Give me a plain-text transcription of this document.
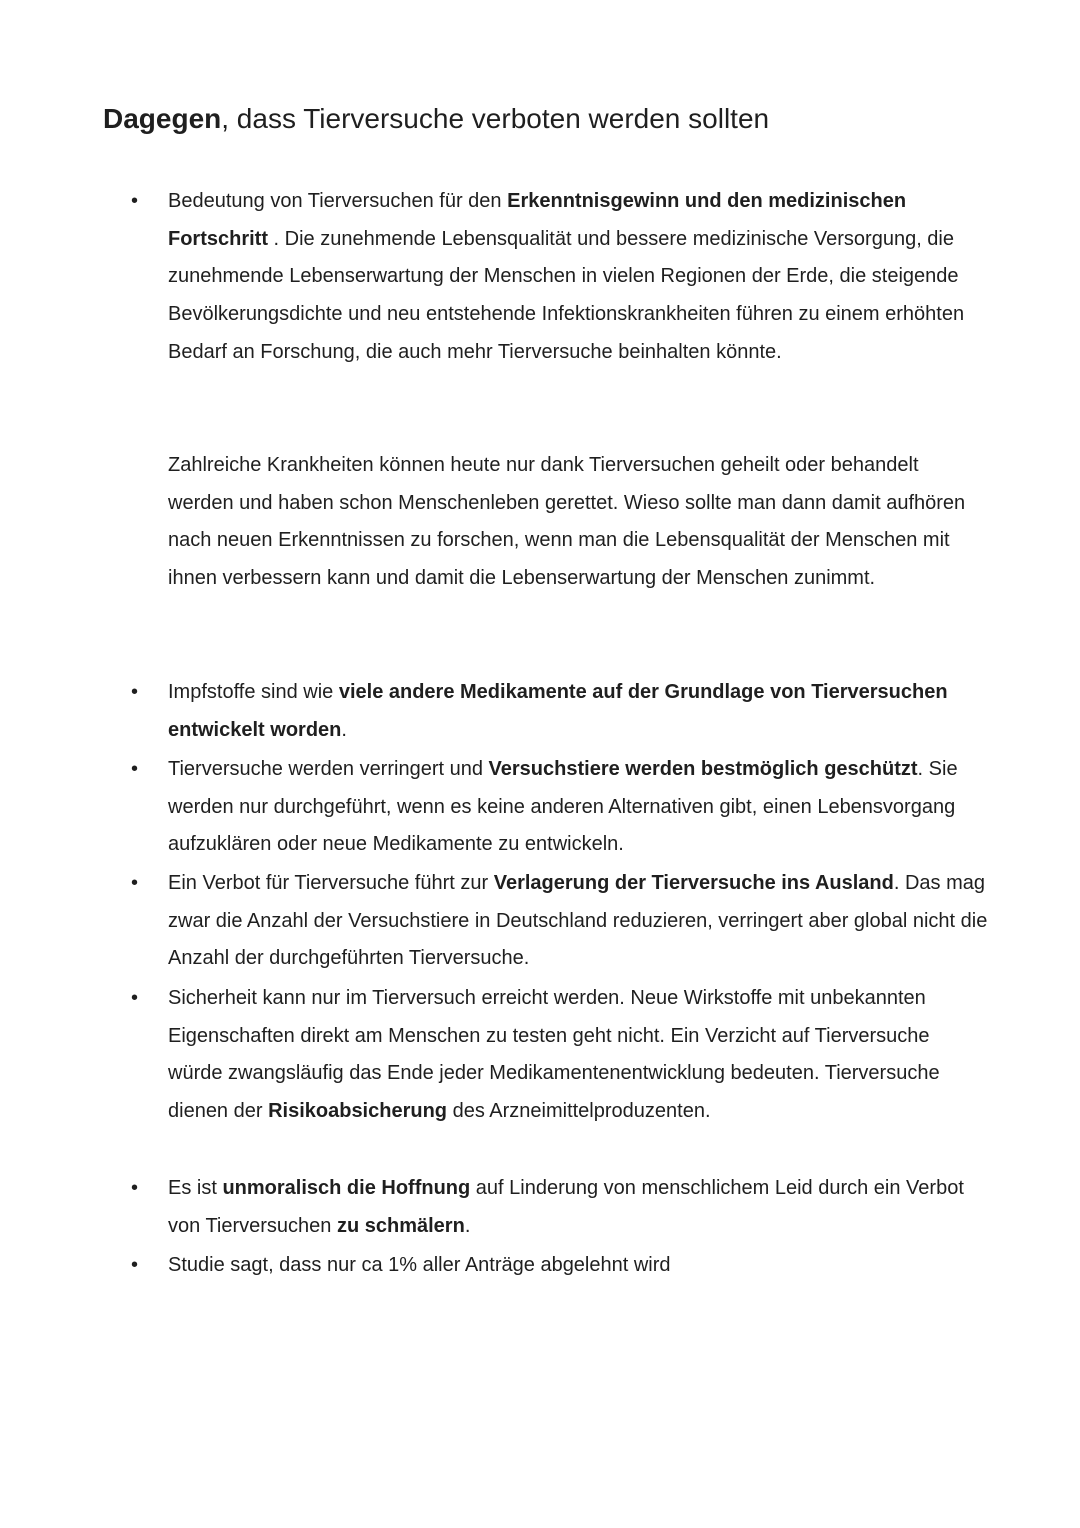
Dagegen, dass Tierversuche verboten werden sollten
• Bedeutung von Tierversuchen für den Erkenntnisgewinn und den medizinischen Fortschritt . Die zunehmende Lebensqualität und bessere medizinische Versorgung, die zunehmende Lebenserwartung der Menschen in vielen Regionen der Erde, die steigende Bevölkerungsdichte und neu entstehende Infektionskrankheiten führen zu einem erhöhten Bedarf an Forschung, die auch mehr Tierversuche beinhalten könnte.

Zahlreiche Krankheiten können heute nur dank Tierversuchen geheilt oder behandelt werden und haben schon Menschenleben gerettet. Wieso sollte man dann damit aufhören nach neuen Erkenntnissen zu forschen, wenn man die Lebensqualität der Menschen mit ihnen verbessern kann und damit die Lebenserwartung der Menschen zunimmt.

• Impfstoffe sind wie viele andere Medikamente auf der Grundlage von Tierversuchen entwickelt worden.
• Tierversuche werden verringert und Versuchstiere werden bestmöglich geschützt. Sie werden nur durchgeführt, wenn es keine anderen Alternativen gibt, einen Lebensvorgang aufzuklären oder neue Medikamente zu entwickeln.
• Ein Verbot für Tierversuche führt zur Verlagerung der Tierversuche ins Ausland. Das mag zwar die Anzahl der Versuchstiere in Deutschland reduzieren, verringert aber global nicht die Anzahl der durchgeführten Tierversuche.
• Sicherheit kann nur im Tierversuch erreicht werden. Neue Wirkstoffe mit unbekannten Eigenschaften direkt am Menschen zu testen geht nicht. Ein Verzicht auf Tierversuche würde zwangsläufig das Ende jeder Medikamentenentwicklung bedeuten. Tierversuche dienen der Risikoabsicherung des Arzneimittelproduzenten.
• Es ist unmoralisch die Hoffnung auf Linderung von menschlichem Leid durch ein Verbot von Tierversuchen zu schmälern.
• Studie sagt, dass nur ca 1% aller Anträge abgelehnt wird
